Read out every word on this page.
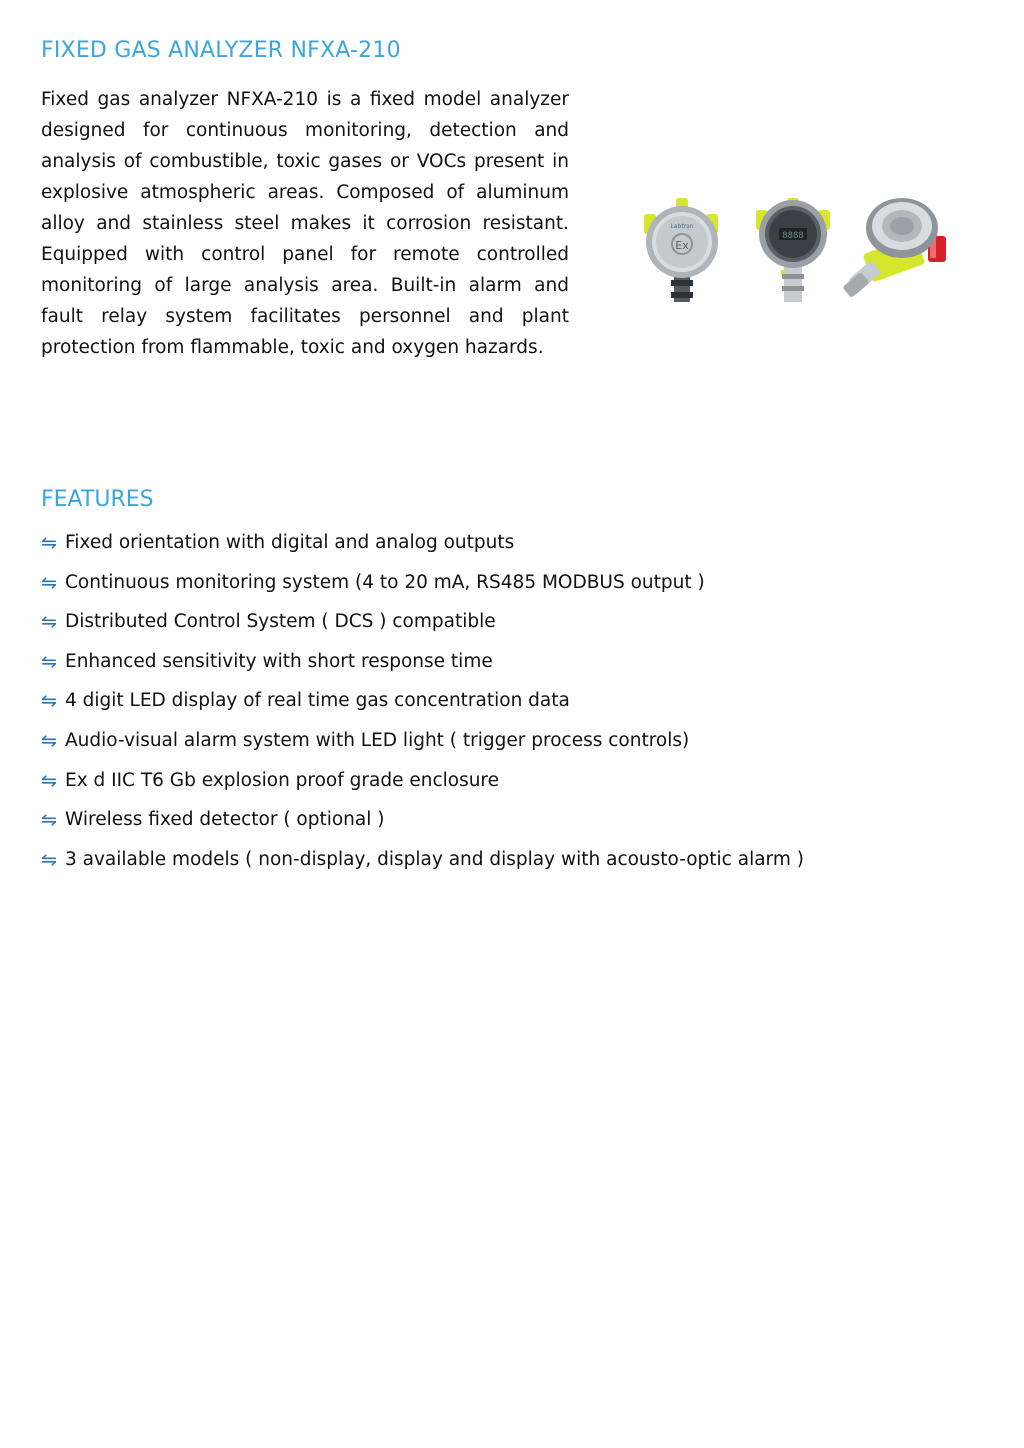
FIXED GAS ANALYZER NFXA-210

Fixed gas analyzer NFXA-210 is a fixed model analyzer designed for continuous monitoring, detection and analysis of combustible, toxic gases or VOCs present in explosive atmospheric areas. Composed of aluminum alloy and stainless steel makes it corrosion resistant. Equipped with control panel for remote controlled monitoring of large analysis area. Built-in alarm and fault relay system facilitates personnel and plant protection from flammable, toxic and oxygen hazards.

Ex
Labtron
8888
FEATURES
⇋ Fixed orientation with digital and analog outputs
⇋ Continuous monitoring system (4 to 20 mA, RS485 MODBUS output )
⇋ Distributed Control System ( DCS ) compatible
⇋ Enhanced sensitivity with short response time
⇋ 4 digit LED display of real time gas concentration data
⇋ Audio-visual alarm system with LED light ( trigger process controls)
⇋ Ex d IIC T6 Gb explosion proof grade enclosure
⇋ Wireless fixed detector ( optional )
⇋ 3 available models ( non-display, display and display with acousto-optic alarm )
